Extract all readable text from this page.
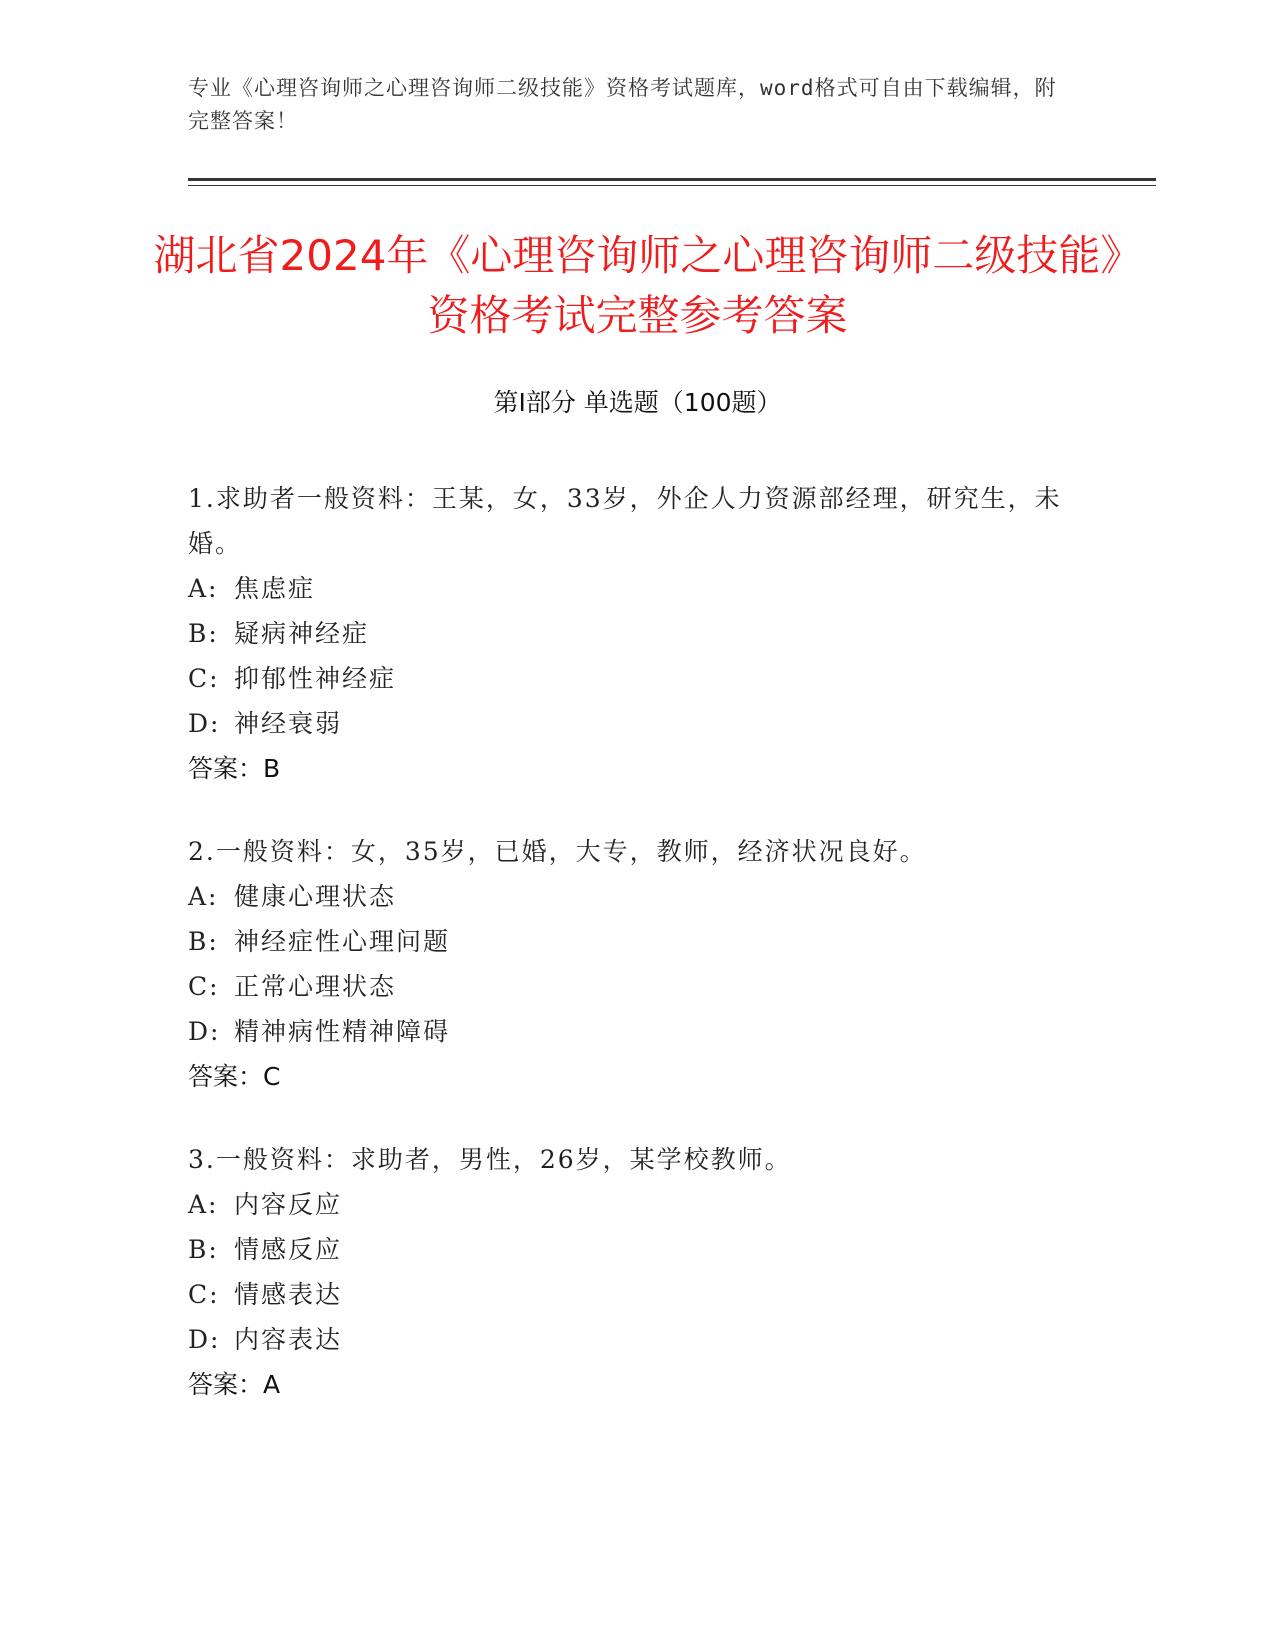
专业《心理咨询师之心理咨询师二级技能》资格考试题库，word格式可自由下载编辑，附完整答案！
湖北省2024年《心理咨询师之心理咨询师二级技能》资格考试完整参考答案
第Ⅰ部分 单选题（100题）
1.求助者一般资料：王某，女，33岁，外企人力资源部经理，研究生，未婚。
A: 焦虑症
B: 疑病神经症
C: 抑郁性神经症
D: 神经衰弱
答案：B
2.一般资料：女，35岁，已婚，大专，教师，经济状况良好。
A: 健康心理状态
B: 神经症性心理问题
C: 正常心理状态
D: 精神病性精神障碍
答案：C
3.一般资料：求助者，男性，26岁，某学校教师。
A: 内容反应
B: 情感反应
C: 情感表达
D: 内容表达
答案：A
